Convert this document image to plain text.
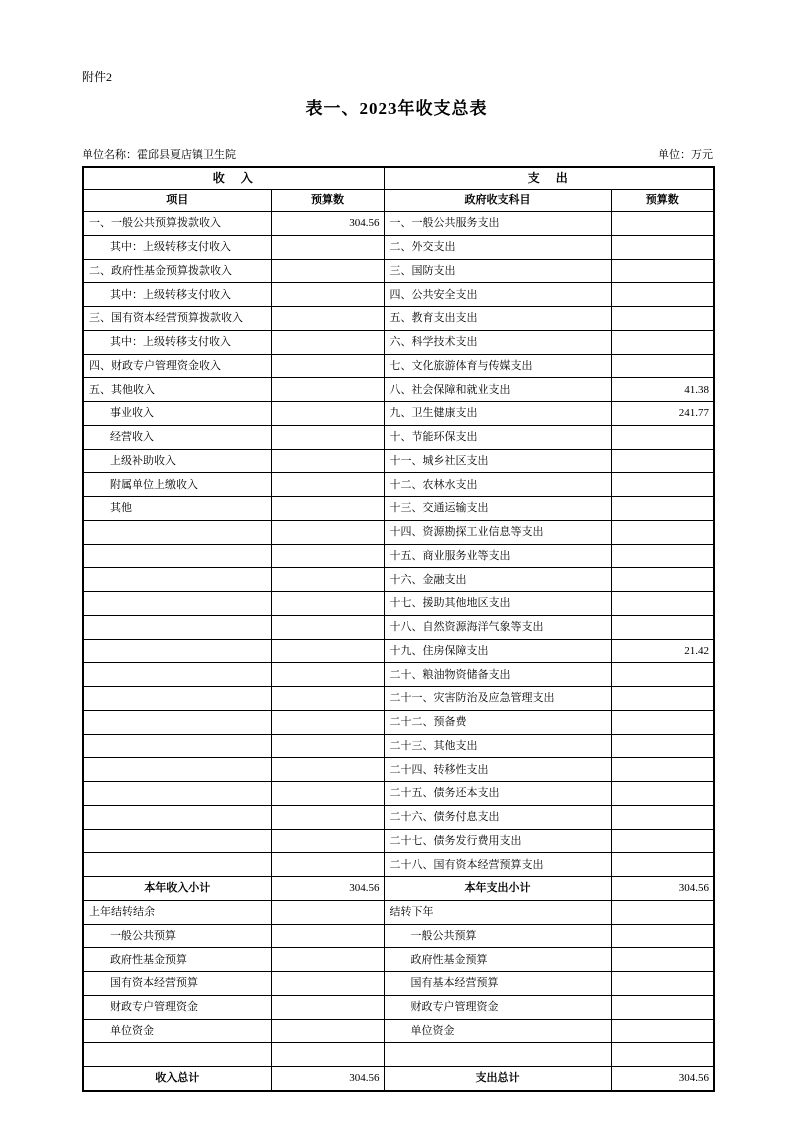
附件2
表一、2023年收支总表
单位名称：霍邱县夏店镇卫生院	单位：万元
收　入		支　出	
项目	预算数	政府收支科目	预算数
一、一般公共预算拨款收入	304.56	一、一般公共服务支出	
其中：上级转移支付收入		二、外交支出	
二、政府性基金预算拨款收入		三、国防支出	
其中：上级转移支付收入		四、公共安全支出	
三、国有资本经营预算拨款收入		五、教育支出支出	
其中：上级转移支付收入		六、科学技术支出	
四、财政专户管理资金收入		七、文化旅游体育与传媒支出	
五、其他收入		八、社会保障和就业支出	41.38
事业收入		九、卫生健康支出	241.77
经营收入		十、节能环保支出	
上级补助收入		十一、城乡社区支出	
附属单位上缴收入		十二、农林水支出	
其他		十三、交通运输支出	
		十四、资源勘探工业信息等支出	
		十五、商业服务业等支出	
		十六、金融支出	
		十七、援助其他地区支出	
		十八、自然资源海洋气象等支出	
		十九、住房保障支出	21.42
		二十、粮油物资储备支出	
		二十一、灾害防治及应急管理支出	
		二十二、预备费	
		二十三、其他支出	
		二十四、转移性支出	
		二十五、债务还本支出	
		二十六、债务付息支出	
		二十七、债务发行费用支出	
		二十八、国有资本经营预算支出	
本年收入小计	304.56	本年支出小计	304.56
上年结转结余		结转下年	
一般公共预算		一般公共预算	
政府性基金预算		政府性基金预算	
国有资本经营预算		国有基本经营预算	
财政专户管理资金		财政专户管理资金	
单位资金		单位资金	

收入总计	304.56	支出总计	304.56
